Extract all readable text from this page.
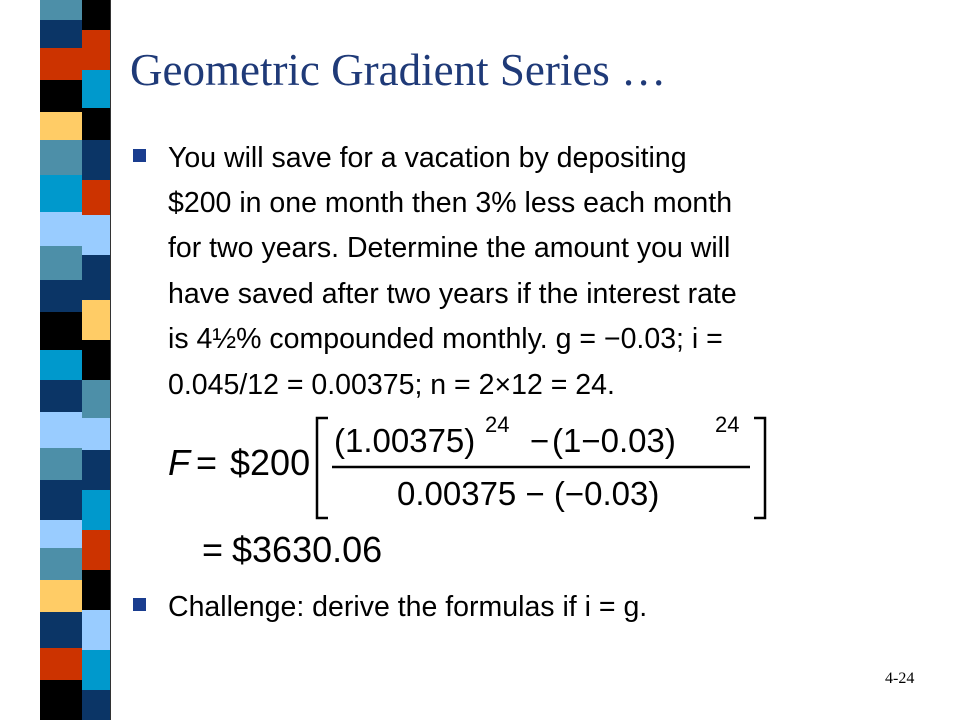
Geometric Gradient Series …
You will save for a vacation by depositing
$200 in one month then 3% less each month
for two years. Determine the amount you will
have saved after two years if the interest rate
is 4½% compounded monthly. g = −0.03; i =
0.045/12 = 0.00375; n = 2×12 = 24.
F = $200
(1.00375) 24 − (1−0.03) 24
0.00375 − (−0.03)
= $3630.06
Challenge: derive the formulas if i = g.
4-24
